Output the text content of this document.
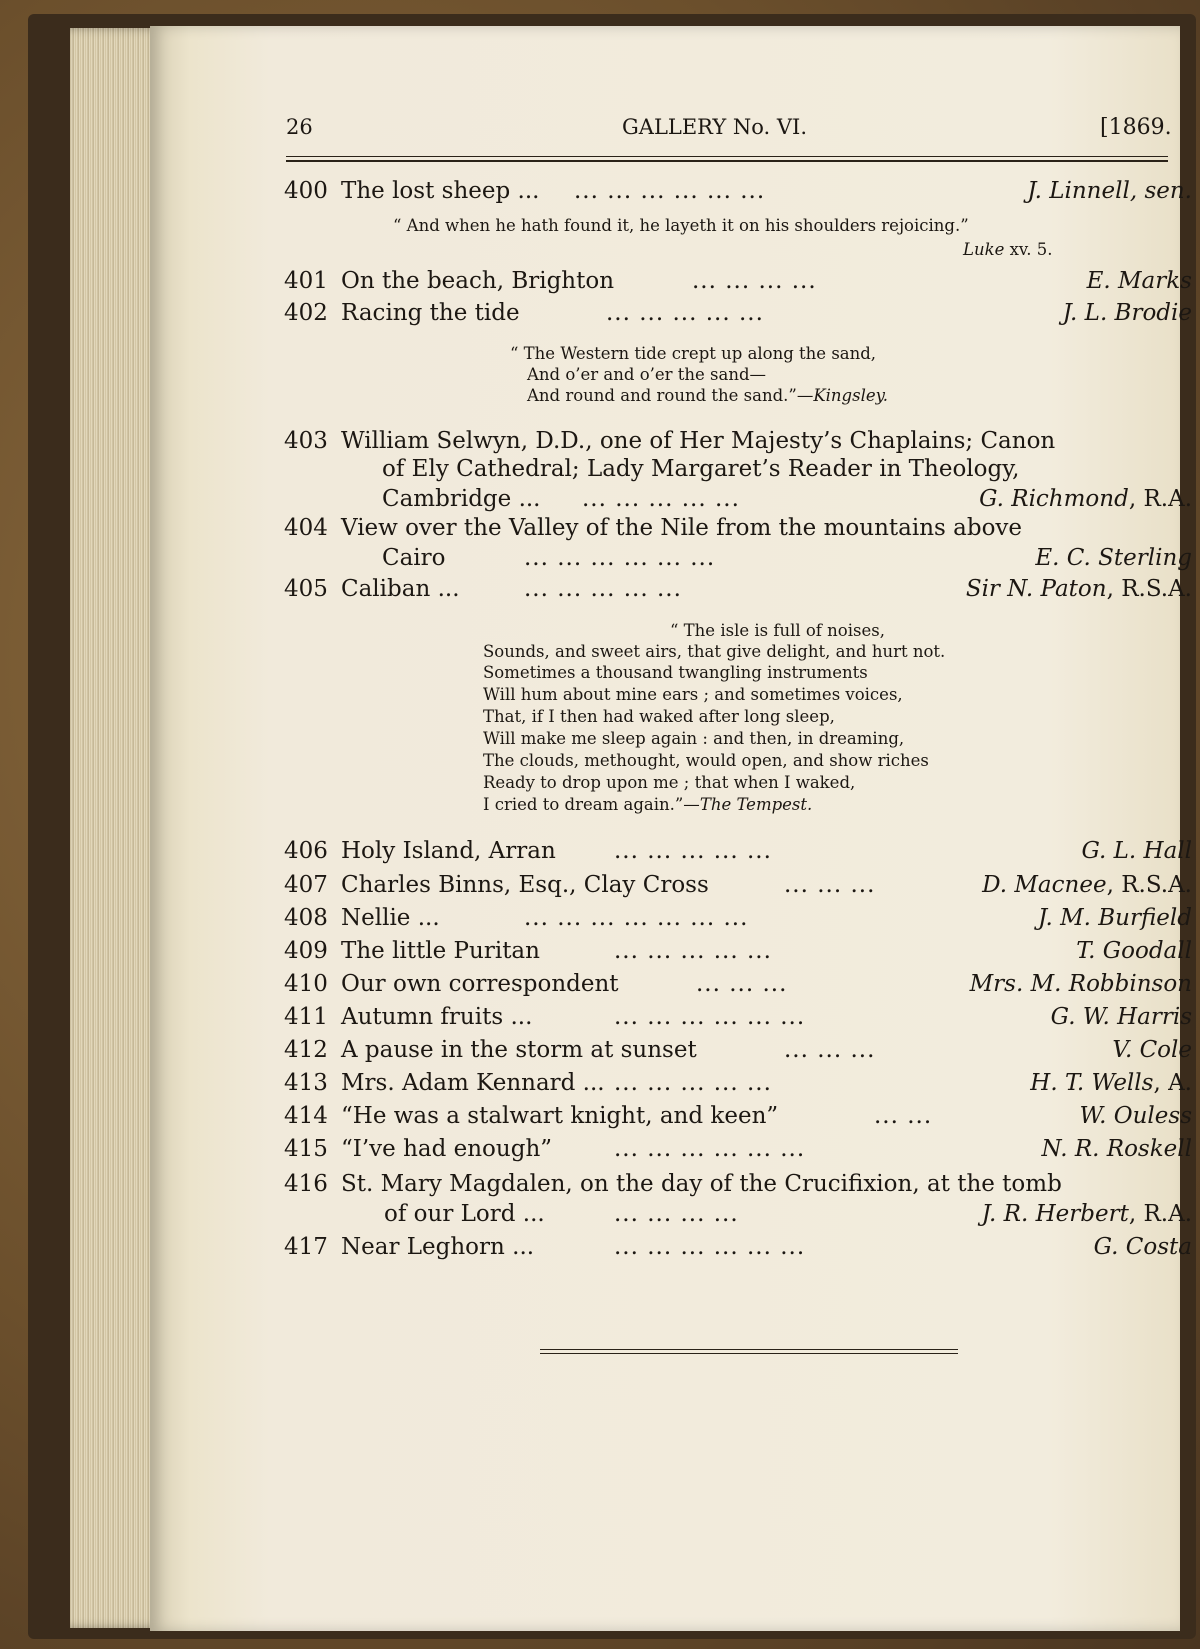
26	GALLERY No. VI.	[1869.
400 The lost sheep ... ... ... ... ... ... ...	J. Linnell, sen.
“ And when he hath found it, he layeth it on his shoulders rejoicing.”
Luke xv. 5.
401 On the beach, Brighton	... ... ... ...	E. Marks
402 Racing the tide	... ... ... ... ...	J. L. Brodie
“ The Western tide crept up along the sand,
And o’er and o’er the sand—
And round and round the sand.”—Kingsley.
403 William Selwyn, D.D., one of Her Majesty’s Chaplains; Canon
of Ely Cathedral; Lady Margaret’s Reader in Theology,
Cambridge ... ... ... ... ... ...	G. Richmond, R.A.
404 View over the Valley of the Nile from the mountains above
Cairo	... ... ... ... ... ...	E. C. Sterling
405 Caliban ...	... ... ... ... ...	Sir N. Paton, R.S.A.
“ The isle is full of noises,
Sounds, and sweet airs, that give delight, and hurt not.
Sometimes a thousand twangling instruments
Will hum about mine ears ; and sometimes voices,
That, if I then had waked after long sleep,
Will make me sleep again : and then, in dreaming,
The clouds, methought, would open, and show riches
Ready to drop upon me ; that when I waked,
I cried to dream again.”—The Tempest.
406 Holy Island, Arran	... ... ... ... ...	G. L. Hall
407 Charles Binns, Esq., Clay Cross	... ... ...	D. Macnee, R.S.A.
408 Nellie ...	... ... ... ... ... ... ...	J. M. Burfield
409 The little Puritan	... ... ... ... ...	T. Goodall
410 Our own correspondent	... ... ...	Mrs. M. Robbinson
411 Autumn fruits ...	... ... ... ... ... ...	G. W. Harris
412 A pause in the storm at sunset	... ... ...	V. Cole
413 Mrs. Adam Kennard ... ... ... ... ... ...	H. T. Wells, A.
414 “He was a stalwart knight, and keen”	... ...	W. Ouless
415 “I’ve had enough”	... ... ... ... ... ...	N. R. Roskell
416 St. Mary Magdalen, on the day of the Crucifixion, at the tomb
of our Lord ...	... ... ... ...	J. R. Herbert, R.A.
417 Near Leghorn ...	... ... ... ... ... ...	G. Costa
